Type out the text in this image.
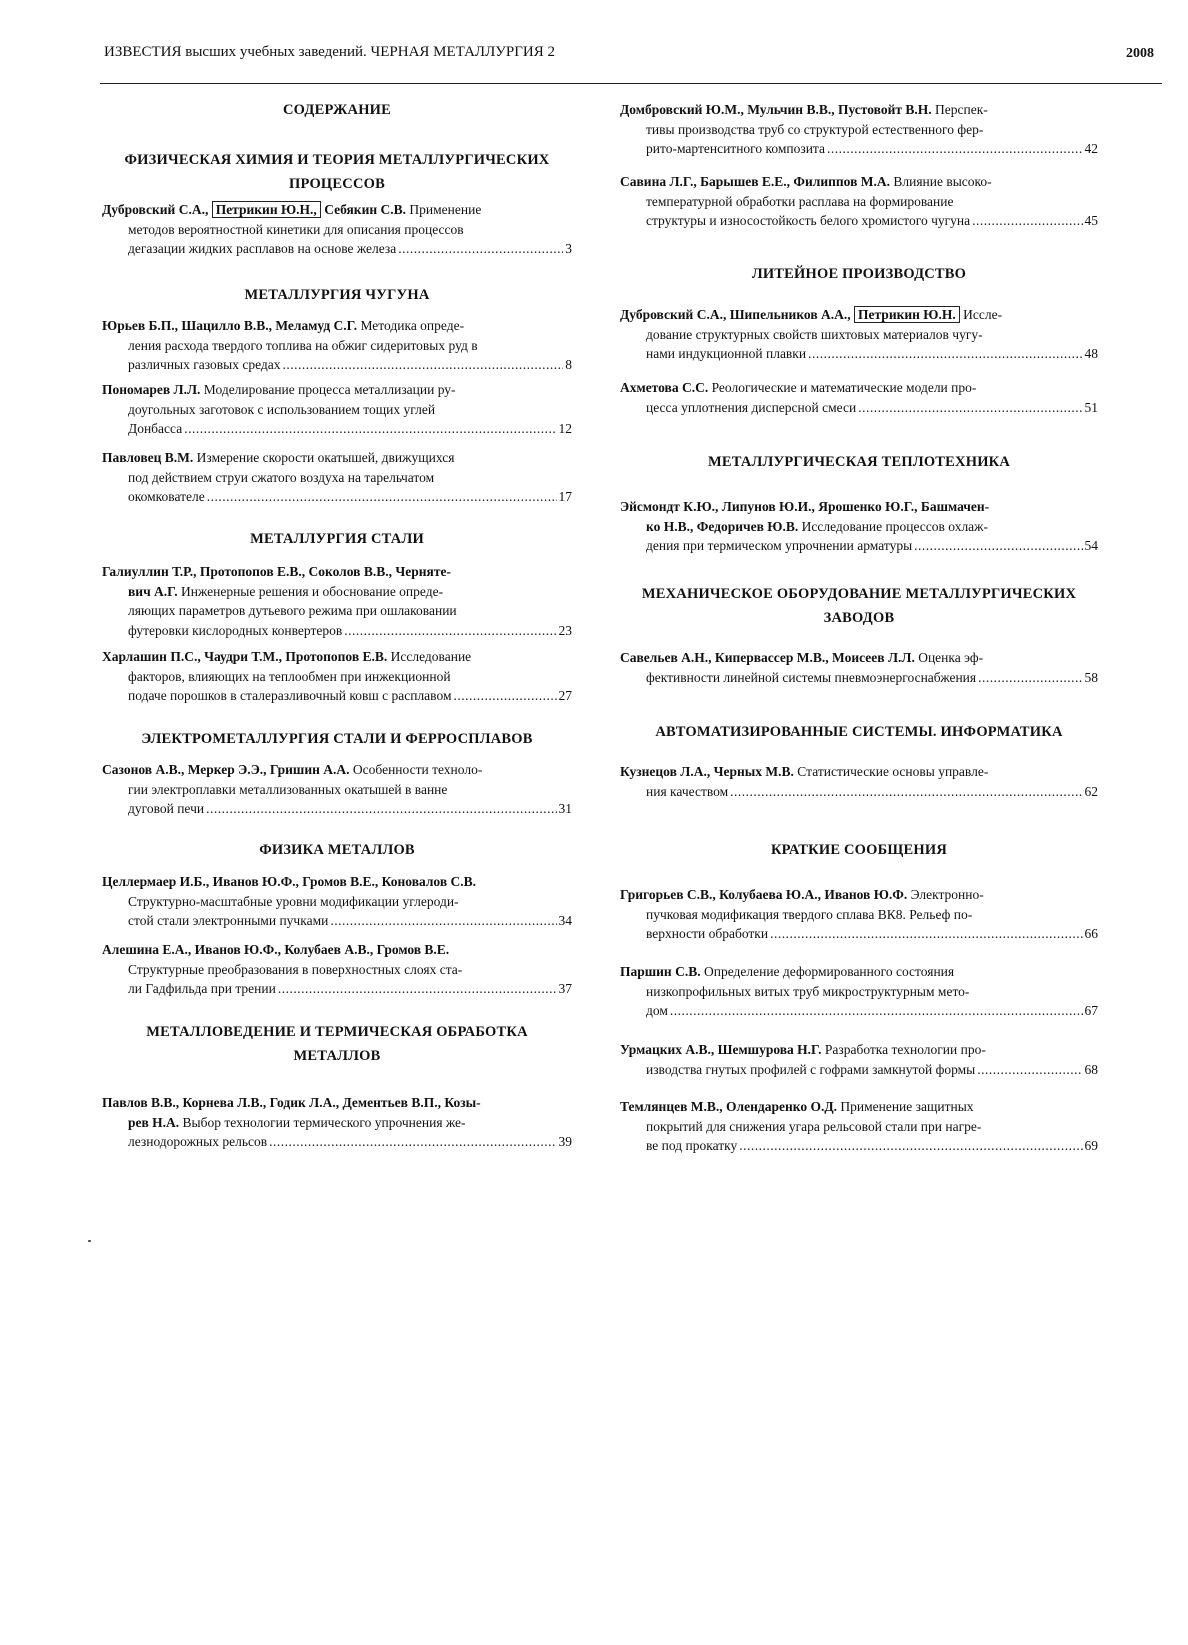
ИЗВЕСТИЯ высших учебных заведений. ЧЕРНАЯ МЕТАЛЛУРГИЯ 2	2008
СОДЕРЖАНИЕ
ФИЗИЧЕСКАЯ ХИМИЯ И ТЕОРИЯ МЕТАЛЛУРГИЧЕСКИХ
ПРОЦЕССОВ
Дубровский С.А., Петрикин Ю.Н., Себякин С.В. Применение
методов вероятностной кинетики для описания процессов
дегазации жидких расплавов на основе железа .....	3
МЕТАЛЛУРГИЯ ЧУГУНА
Юрьев Б.П., Шацилло В.В., Меламуд С.Г. Методика опреде-
ления расхода твердого топлива на обжиг сидеритовых руд в
различных газовых средах .....	8
Пономарев Л.Л. Моделирование процесса металлизации ру-
доугольных заготовок с использованием тощих углей
Донбасса .....	12
Павловец В.М. Измерение скорости окатышей, движущихся
под действием струи сжатого воздуха на тарельчатом
окомкователе .....	17
МЕТАЛЛУРГИЯ СТАЛИ
Галиуллин Т.Р., Протопопов Е.В., Соколов В.В., Чернятe-
вич А.Г. Инженерные решения и обоснование опреде-
ляющих параметров дутьевого режима при ошлаковании
футеровки кислородных конвертеров .....	23
Харлашин П.С., Чаудри Т.М., Протопопов Е.В. Исследование
факторов, влияющих на теплообмен при инжекционной
подаче порошков в сталеразливочный ковш с расплавом .....	27
ЭЛЕКТРОМЕТАЛЛУРГИЯ СТАЛИ И ФЕРРОСПЛАВОВ
Сазонов А.В., Меркер Э.Э., Гришин А.А. Особенности техноло-
гии электроплавки металлизованных окатышей в ванне
дуговой печи .....	31
ФИЗИКА МЕТАЛЛОВ
Целлермаер И.Б., Иванов Ю.Ф., Громов В.Е., Коновалов С.В.
Структурно-масштабные уровни модификации углероди-
стой стали электронными пучками .....	34
Алешина Е.А., Иванов Ю.Ф., Колубаев А.В., Громов В.Е.
Структурные преобразования в поверхностных слоях ста-
ли Гадфильда при трении .....	37
МЕТАЛЛОВЕДЕНИЕ И ТЕРМИЧЕСКАЯ ОБРАБОТКА
МЕТАЛЛОВ
Павлов В.В., Корнева Л.В., Годик Л.А., Дементьев В.П., Козы-
рев Н.А. Выбор технологии термического упрочнения же-
лезнодорожных рельсов .....	39
Домбровский Ю.М., Мульчин В.В., Пустовойт В.Н. Перспек-
тивы производства труб со структурой естественного фер-
рито-мартенситного композита .....	42
Савина Л.Г., Барышев Е.Е., Филиппов М.А. Влияние высоко-
температурной обработки расплава на формирование
структуры и износостойкость белого хромистого чугуна .....	45
ЛИТЕЙНОЕ ПРОИЗВОДСТВО
Дубровский С.А., Шипельников А.А., Петрикин Ю.Н. Иссле-
дование структурных свойств шихтовых материалов чугу-
нами индукционной плавки .....	48
Ахметова С.С. Реологические и математические модели про-
цесса уплотнения дисперсной смеси .....	51
МЕТАЛЛУРГИЧЕСКАЯ ТЕПЛОТЕХНИКА
Эйсмондт К.Ю., Липунов Ю.И., Ярошенко Ю.Г., Башмачен-
ко Н.В., Федоричев Ю.В. Исследование процессов охлаж-
дения при термическом упрочнении арматуры .....	54
МЕХАНИЧЕСКОЕ ОБОРУДОВАНИЕ МЕТАЛЛУРГИЧЕСКИХ
ЗАВОДОВ
Савельев А.Н., Кипервассер М.В., Моисеев Л.Л. Оценка эф-
фективности линейной системы пневмоэнергоснабжения .....	58
АВТОМАТИЗИРОВАННЫЕ СИСТЕМЫ. ИНФОРМАТИКА
Кузнецов Л.А., Черных М.В. Статистические основы управле-
ния качеством .....	62
КРАТКИЕ СООБЩЕНИЯ
Григорьев С.В., Колубаева Ю.А., Иванов Ю.Ф. Электронно-
пучковая модификация твердого сплава ВК8. Рельеф по-
верхности обработки .....	66
Паршин С.В. Определение деформированного состояния
низкопрофильных витых труб микроструктурным мето-
дом .....	67
Урмацких А.В., Шемшурова Н.Г. Разработка технологии про-
изводства гнутых профилей с гофрами замкнутой формы .....	68
Темлянцев М.В., Олендаренко О.Д. Применение защитных
покрытий для снижения угара рельсовой стали при нагре-
ве под прокатку .....	69
